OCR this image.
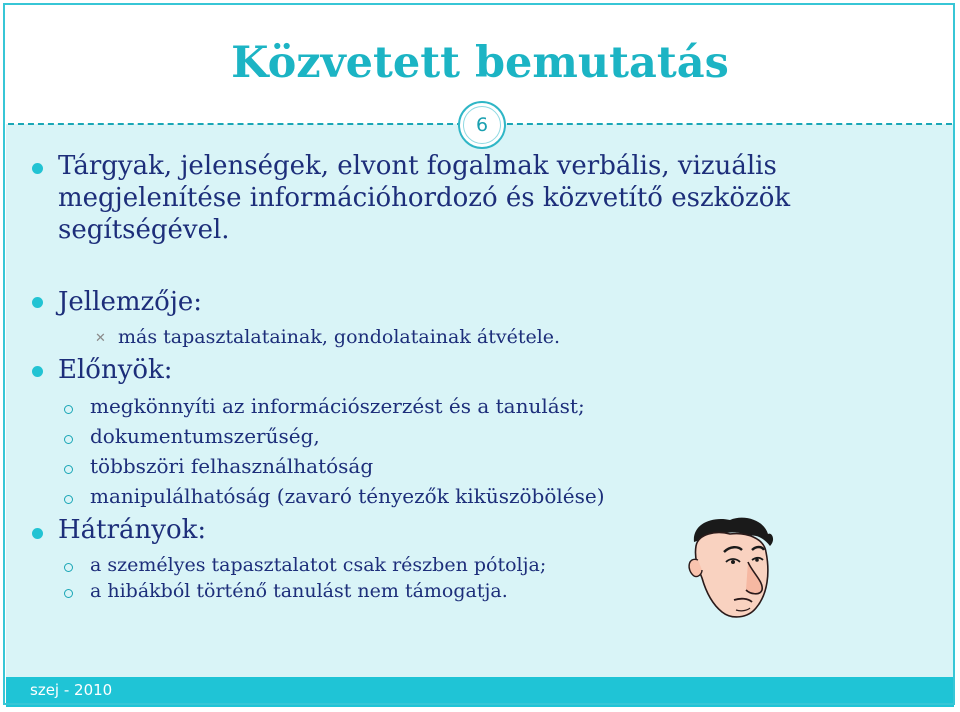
Közvetett bemutatás
6
Tárgyak, jelenségek, elvont fogalmak verbális, vizuális megjelenítése információhordozó és közvetítő eszközök segítségével.
Jellemzője:
✕ más tapasztalatainak, gondolatainak átvétele.
Előnyök:
megkönnyíti az információszerzést és a tanulást;
dokumentumszerűség,
többszöri felhasználhatóság
manipulálhatóság (zavaró tényezők kiküszöbölése)
Hátrányok:
a személyes tapasztalatot csak részben pótolja;
a hibákból történő tanulást nem támogatja.
szej - 2010
